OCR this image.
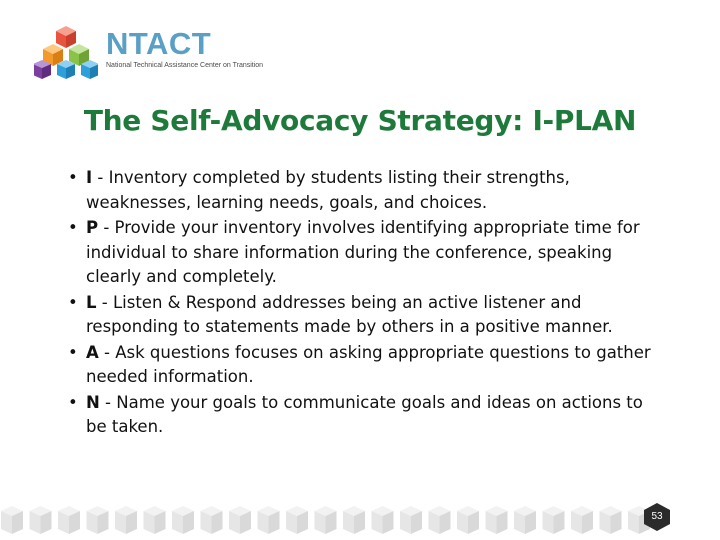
NTACT
National Technical Assistance Center on Transition
The Self-Advocacy Strategy: I-PLAN
• I - Inventory completed by students listing their strengths, weaknesses, learning needs, goals, and choices.
• P - Provide your inventory involves identifying appropriate time for individual to share information during the conference, speaking clearly and completely.
• L - Listen & Respond addresses being an active listener and responding to statements made by others in a positive manner.
• A - Ask questions focuses on asking appropriate questions to gather needed information.
• N - Name your goals to communicate goals and ideas on actions to be taken.
53
